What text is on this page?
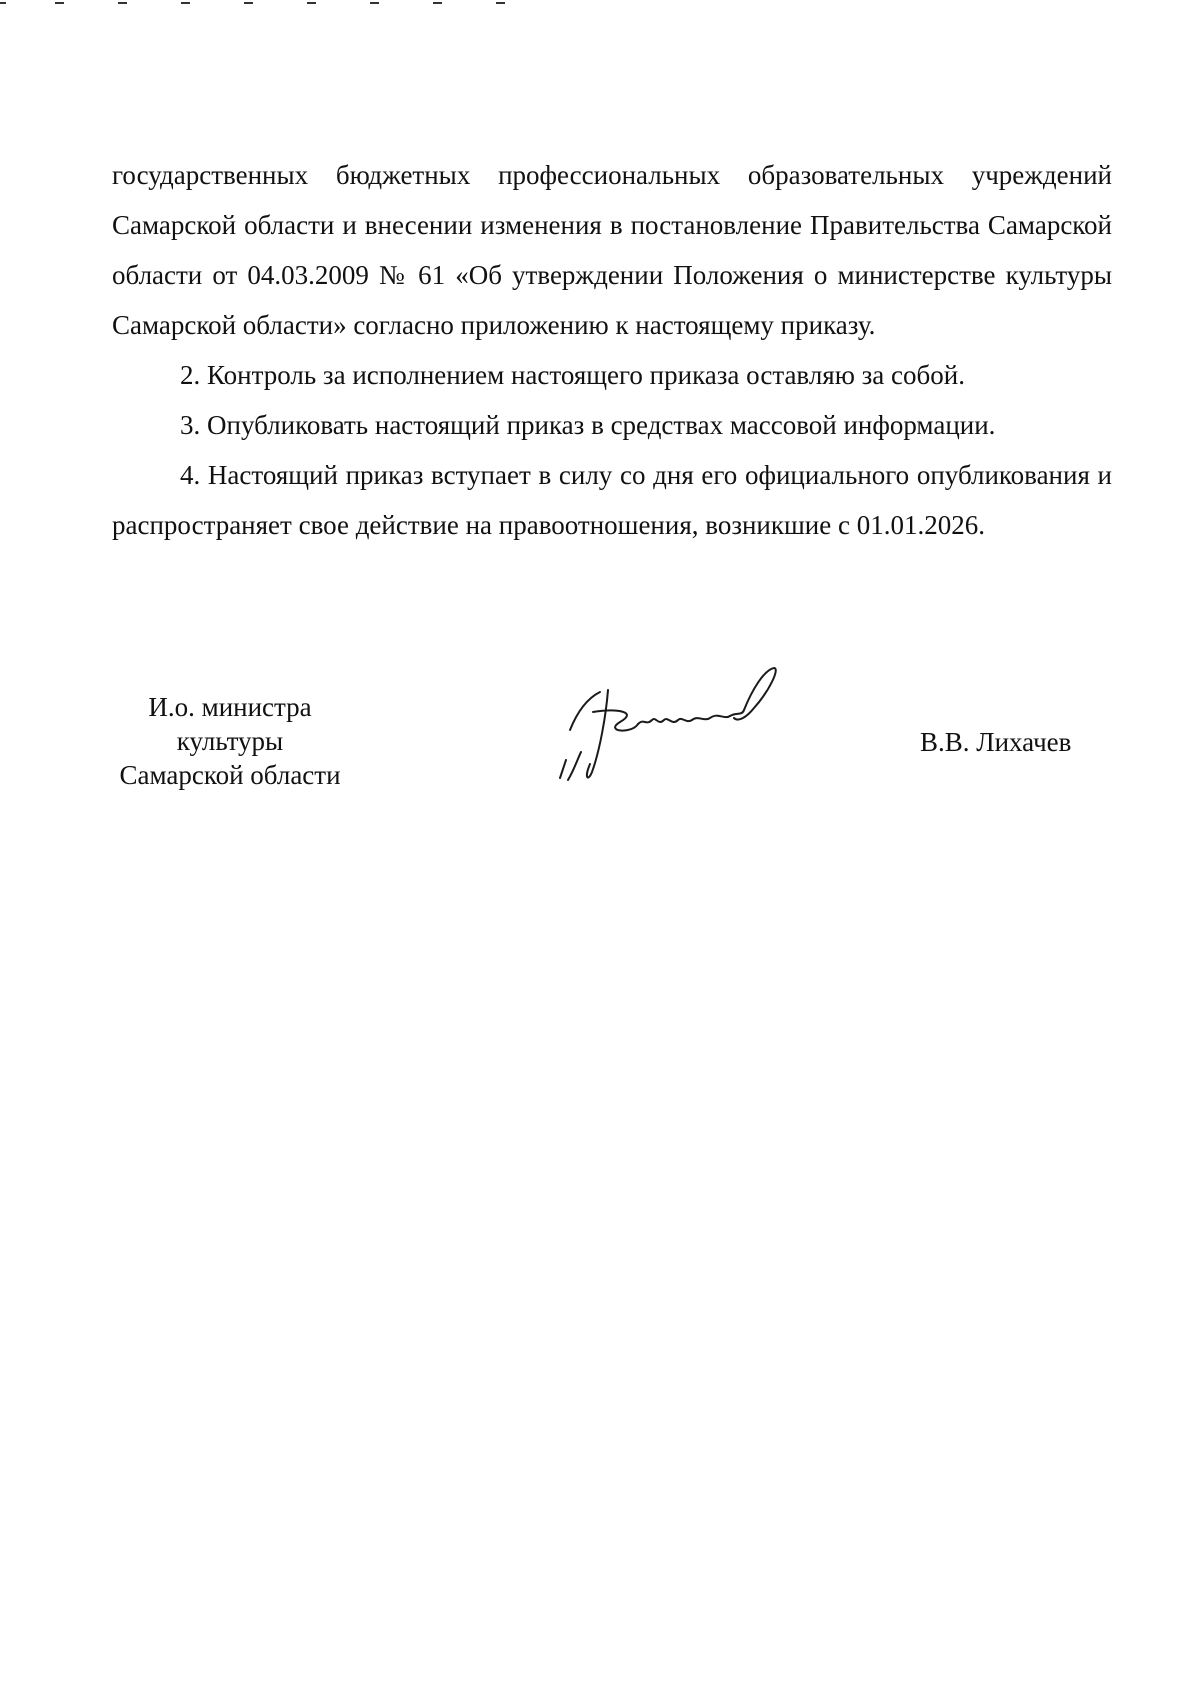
государственных бюджетных профессиональных образовательных учреждений Самарской области и внесении изменения в постановление Правительства Самарской области от 04.03.2009 № 61 «Об утверждении Положения о министерстве культуры Самарской области» согласно приложению к настоящему приказу.

2. Контроль за исполнением настоящего приказа оставляю за собой.

3. Опубликовать настоящий приказ в средствах массовой информации.

4. Настоящий приказ вступает в силу со дня его официального опубликования и распространяет свое действие на правоотношения, возникшие с 01.01.2026.

И.о. министра
культуры
Самарской области
В.В. Лихачев
